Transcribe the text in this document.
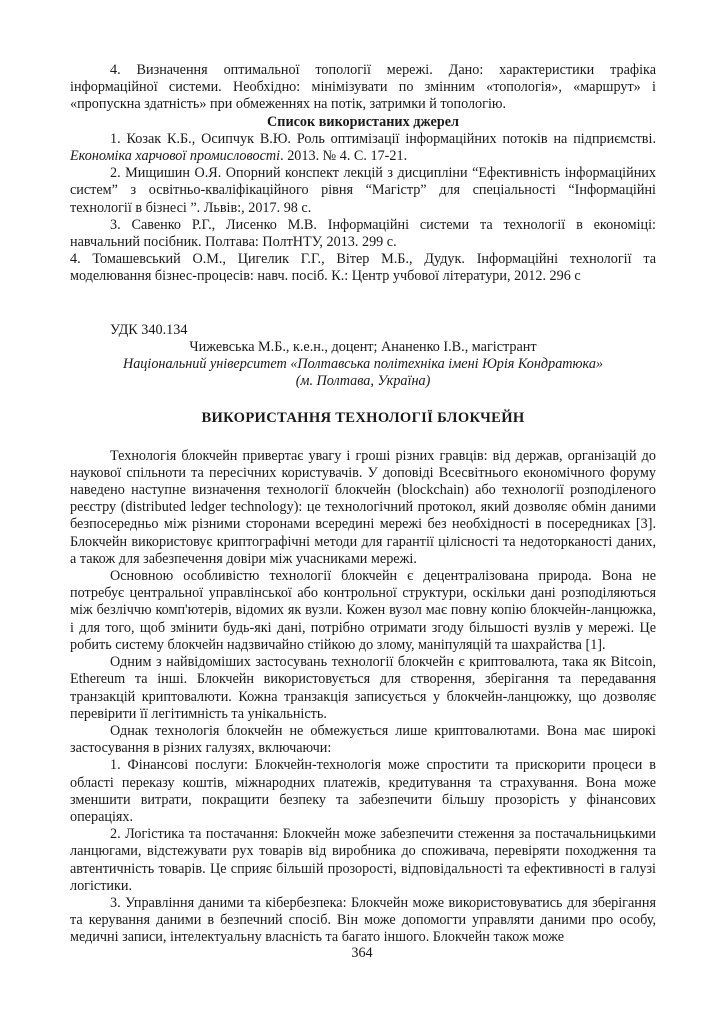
4. Визначення оптимальної топології мережі. Дано: характеристики трафіка інформаційної системи. Необхідно: мінімізувати по змінним «топологія», «маршрут» і «пропускна здатність» при обмеженнях на потік, затримки й топологію.

Список використаних джерел

1. Козак К.Б., Осипчук В.Ю. Роль оптимізації інформаційних потоків на підприємстві. Економіка харчової промисловості. 2013. № 4. С. 17-21.

2. Мищишин О.Я. Опорний конспект лекцій з дисципліни “Ефективність інформаційних систем” з освітньо-кваліфікаційного рівня “Магістр” для спеціальності “Інформаційні технології в бізнесі ”. Львів:, 2017. 98 с.

3. Савенко Р.Г., Лисенко М.В. Інформаційні системи та технології в економіці: навчальний посібник. Полтава: ПолтНТУ, 2013. 299 с.

4. Томашевський О.М., Цигелик Г.Г., Вітер М.Б., Дудук. Інформаційні технології та моделювання бізнес-процесів: навч. посіб. К.: Центр учбової літератури, 2012. 296 с

УДК 340.134

Чижевська М.Б., к.е.н., доцент; Ананенко І.В., магістрант

Національний університет «Полтавська політехніка імені Юрія Кондратюка»

(м. Полтава, Україна)

ВИКОРИСТАННЯ ТЕХНОЛОГІЇ БЛОКЧЕЙН

Технологія блокчейн привертає увагу і гроші різних гравців: від держав, організацій до наукової спільноти та пересічних користувачів. У доповіді Всесвітнього економічного форуму наведено наступне визначення технології блокчейн (blockchain) або технології розподіленого реєстру (distributed ledger technology): це технологічний протокол, який дозволяє обмін даними безпосередньо між різними сторонами всередині мережі без необхідності в посередниках [3]. Блокчейн використовує криптографічні методи для гарантії цілісності та недоторканості даних, а також для забезпечення довіри між учасниками мережі.

Основною особливістю технології блокчейн є децентралізована природа. Вона не потребує центральної управлінської або контрольної структури, оскільки дані розподіляються між безліччю комп'ютерів, відомих як вузли. Кожен вузол має повну копію блокчейн-ланцюжка, і для того, щоб змінити будь-які дані, потрібно отримати згоду більшості вузлів у мережі. Це робить систему блокчейн надзвичайно стійкою до злому, маніпуляцій та шахрайства [1].

Одним з найвідоміших застосувань технології блокчейн є криптовалюта, така як Bitcoin, Ethereum та інші. Блокчейн використовується для створення, зберігання та передавання транзакцій криптовалюти. Кожна транзакція записується у блокчейн-ланцюжку, що дозволяє перевірити її легітимність та унікальність.

Однак технологія блокчейн не обмежується лише криптовалютами. Вона має широкі застосування в різних галузях, включаючи:

1. Фінансові послуги: Блокчейн-технологія може спростити та прискорити процеси в області переказу коштів, міжнародних платежів, кредитування та страхування. Вона може зменшити витрати, покращити безпеку та забезпечити більшу прозорість у фінансових операціях.

2. Логістика та постачання: Блокчейн може забезпечити стеження за постачальницькими ланцюгами, відстежувати рух товарів від виробника до споживача, перевіряти походження та автентичність товарів. Це сприяє більшій прозорості, відповідальності та ефективності в галузі логістики.

3. Управління даними та кібербезпека: Блокчейн може використовуватись для зберігання та керування даними в безпечний спосіб. Він може допомогти управляти даними про особу, медичні записи, інтелектуальну власність та багато іншого. Блокчейн також може

364
